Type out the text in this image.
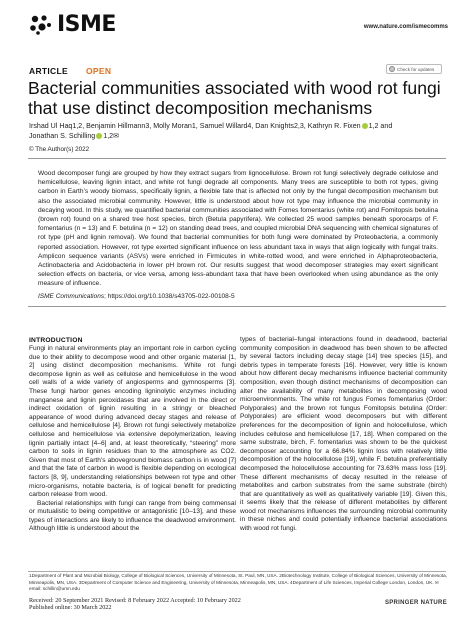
ISME	www.nature.com/ismecomms
ARTICLE OPEN	Check for updates
Bacterial communities associated with wood rot fungi that use distinct decomposition mechanisms
Irshad Ul Haq1,2, Benjamin Hillmann3, Molly Moran1, Samuel Willard4, Dan Knights2,3, Kathryn R. Fixen 1,2 and
Jonathan S. Schilling 1,2✉
© The Author(s) 2022
Wood decomposer fungi are grouped by how they extract sugars from lignocellulose. Brown rot fungi selectively degrade cellulose and hemicellulose, leaving lignin intact, and white rot fungi degrade all components. Many trees are susceptible to both rot types, giving carbon in Earth’s woody biomass, specifically lignin, a flexible fate that is affected not only by the fungal decomposition mechanism but also the associated microbial community. However, little is understood about how rot type may influence the microbial community in decaying wood. In this study, we quantified bacterial communities associated with Fomes fomentarius (white rot) and Fomitopsis betulina (brown rot) found on a shared tree host species, birch (Betula papyrifera). We collected 25 wood samples beneath sporocarps of F. fomentarius (n = 13) and F. betulina (n = 12) on standing dead trees, and coupled microbial DNA sequencing with chemical signatures of rot type (pH and lignin removal). We found that bacterial communities for both fungi were dominated by Proteobacteria, a commonly reported association. However, rot type exerted significant influence on less abundant taxa in ways that align logically with fungal traits. Amplicon sequence variants (ASVs) were enriched in Firmicutes in white-rotted wood, and were enriched in Alphaproteobacteria, Actinobacteria and Acidobacteria in lower pH brown rot. Our results suggest that wood decomposer strategies may exert significant selection effects on bacteria, or vice versa, among less-abundant taxa that have been overlooked when using abundance as the only measure of influence.
ISME Communications; https://doi.org/10.1038/s43705-022-00108-5
INTRODUCTION

Fungi in natural environments play an important role in carbon cycling due to their ability to decompose wood and other organic material [1, 2] using distinct decomposition mechanisms. White rot fungi decompose lignin as well as cellulose and hemicellulose in the wood cell walls of a wide variety of angiosperms and gymnosperms [3]. These fungi harbor genes encoding ligninolytic enzymes including manganese and lignin peroxidases that are involved in the direct or indirect oxidation of lignin resulting in a stringy or bleached appearance of wood during advanced decay stages and release of cellulose and hemicellulose [4]. Brown rot fungi selectively metabolize cellulose and hemicellulose via extensive depolymerization, leaving lignin partially intact [4–6] and, at least theoretically, “steering” more carbon to soils in lignin residues than to the atmosphere as CO2. Given that most of Earth’s aboveground biomass carbon is in wood [7] and that the fate of carbon in wood is flexible depending on ecological factors [8, 9], understanding relationships between rot type and other micro-organisms, notable bacteria, is of logical benefit for predicting carbon release from wood.

Bacterial relationships with fungi can range from being commensal or mutualistic to being competitive or antagonistic [10–13], and these types of interactions are likely to influence the deadwood environment. Although little is understood about the

types of bacterial–fungal interactions found in deadwood, bacterial community composition in deadwood has been shown to be affected by several factors including decay stage [14] tree species [15], and debris types in temperate forests [16]. However, very little is known about how different decay mechanisms influence bacterial community composition, even though distinct mechanisms of decomposition can alter the availability of many metabolites in decomposing wood microenvironments. The white rot fungus Fomes fomentarius (Order: Polyporales) and the brown rot fungus Fomitopsis betulina (Order: Polyporales) are efficient wood decomposers but with different preferences for the decomposition of lignin and holocellulose, which includes cellulose and hemicellulose [17, 18]. When compared on the same substrate, birch, F. fomentarius was shown to be the quickest decomposer accounting for a 66.84% lignin loss with relatively little decomposition of the holocellulose [19], while F. betulina preferentially decomposed the holocellulose accounting for 73.63% mass loss [19]. These different mechanisms of decay resulted in the release of metabolites and carbon substrates from the same substrate (birch) that are quantitatively as well as qualitatively variable [19]. Given this, it seems likely that the release of different metabolites by different wood rot mechanisms influences the surrounding microbial community in these niches and could potentially influence bacterial associations with wood rot fungi.

1Department of Plant and Microbial Biology, College of Biological Sciences, University of Minnesota, St. Paul, MN, USA. 2Biotechnology Institute, College of Biological Sciences, University of Minnesota, Minneapolis, MN, USA. 3Department of Computer Science and Engineering, University of Minnesota, Minneapolis, MN, USA. 4Department of Life Sciences, Imperial College London, London, UK. ✉email: schillin@umn.edu
Received: 20 September 2021 Revised: 8 February 2022 Accepted: 10 February 2022
Published online: 30 March 2022
SPRINGER NATURE
